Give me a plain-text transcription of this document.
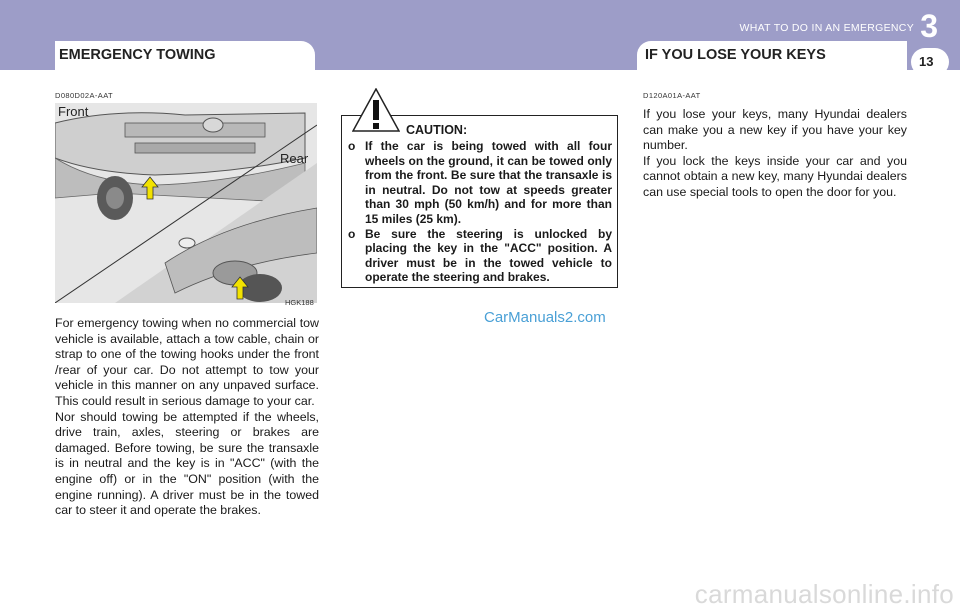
WHAT TO DO IN AN EMERGENCY 3
EMERGENCY TOWING	IF YOU LOSE YOUR KEYS	13
D080D02A-AAT
Front
Rear
HGK188

For emergency towing when no commercial tow vehicle is available, attach a tow cable, chain or strap to one of the towing hooks under the front /rear of your car. Do not attempt to tow your vehicle in this manner on any unpaved surface. This could result in serious damage to your car.

Nor should towing be attempted if the wheels, drive train, axles, steering or brakes are damaged. Before towing, be sure the transaxle is in neutral and the key is in "ACC" (with the engine off) or in the "ON" position (with the engine running). A driver must be in the towed car to steer it and operate the brakes.

CAUTION:
o If the car is being towed with all four wheels on the ground, it can be towed only from the front. Be sure that the transaxle is in neutral. Do not tow at speeds greater than 30 mph (50 km/h) and for more than 15 miles (25 km).
o Be sure the steering is unlocked by placing the key in the "ACC" position. A driver must be in the towed vehicle to operate the steering and brakes.
CarManuals2.com
D120A01A-AAT

If you lose your keys, many Hyundai dealers can make you a new key if you have your key number.

If you lock the keys inside your car and you cannot obtain a new key, many Hyundai dealers can use special tools to open the door for you.

carmanualsonline.info
